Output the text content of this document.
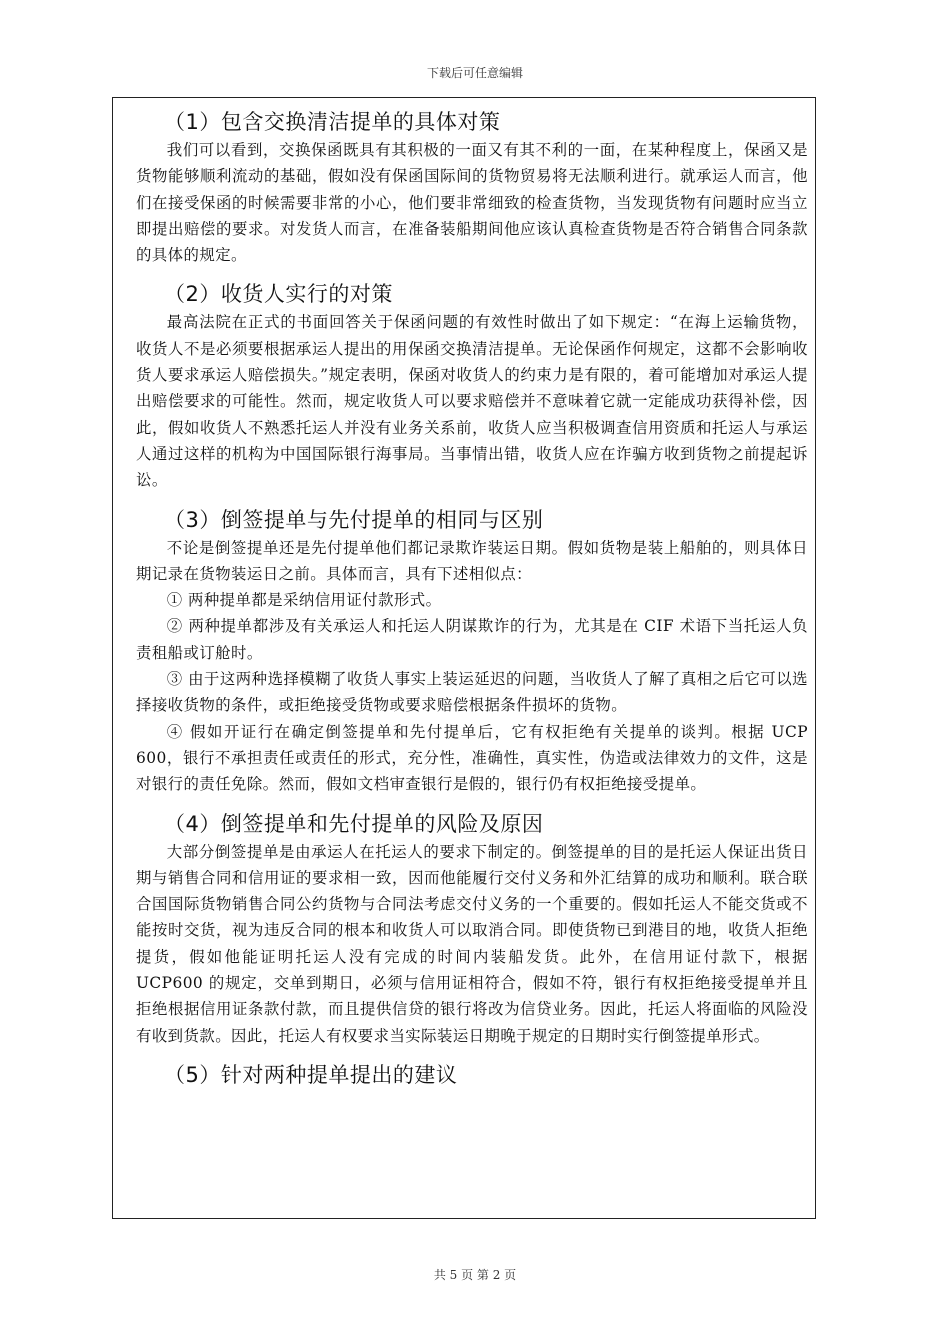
下载后可任意编辑
（1）包含交换清洁提单的具体对策

我们可以看到，交换保函既具有其积极的一面又有其不利的一面，在某种程度上，保函又是货物能够顺利流动的基础，假如没有保函国际间的货物贸易将无法顺利进行。就承运人而言，他们在接受保函的时候需要非常的小心，他们要非常细致的检查货物，当发现货物有问题时应当立即提出赔偿的要求。对发货人而言，在准备装船期间他应该认真检查货物是否符合销售合同条款的具体的规定。

（2）收货人实行的对策

最高法院在正式的书面回答关于保函问题的有效性时做出了如下规定：“在海上运输货物，收货人不是必须要根据承运人提出的用保函交换清洁提单。无论保函作何规定，这都不会影响收货人要求承运人赔偿损失。”规定表明，保函对收货人的约束力是有限的，着可能增加对承运人提出赔偿要求的可能性。然而，规定收货人可以要求赔偿并不意味着它就一定能成功获得补偿，因此，假如收货人不熟悉托运人并没有业务关系前，收货人应当积极调查信用资质和托运人与承运人通过这样的机构为中国国际银行海事局。当事情出错，收货人应在诈骗方收到货物之前提起诉讼。

（3）倒签提单与先付提单的相同与区别

不论是倒签提单还是先付提单他们都记录欺诈装运日期。假如货物是装上船舶的，则具体日期记录在货物装运日之前。具体而言，具有下述相似点：

① 两种提单都是采纳信用证付款形式。

② 两种提单都涉及有关承运人和托运人阴谋欺诈的行为，尤其是在 CIF 术语下当托运人负责租船或订舱时。

③ 由于这两种选择模糊了收货人事实上装运延迟的问题，当收货人了解了真相之后它可以选择接收货物的条件，或拒绝接受货物或要求赔偿根据条件损坏的货物。

④ 假如开证行在确定倒签提单和先付提单后，它有权拒绝有关提单的谈判。根据 UCP 600，银行不承担责任或责任的形式，充分性，准确性，真实性，伪造或法律效力的文件，这是对银行的责任免除。然而，假如文档审查银行是假的，银行仍有权拒绝接受提单。

（4）倒签提单和先付提单的风险及原因

大部分倒签提单是由承运人在托运人的要求下制定的。倒签提单的目的是托运人保证出货日期与销售合同和信用证的要求相一致，因而他能履行交付义务和外汇结算的成功和顺利。联合联合国国际货物销售合同公约货物与合同法考虑交付义务的一个重要的。假如托运人不能交货或不能按时交货，视为违反合同的根本和收货人可以取消合同。即使货物已到港目的地，收货人拒绝提货，假如他能证明托运人没有完成的时间内装船发货。此外，在信用证付款下，根据 UCP600 的规定，交单到期日，必须与信用证相符合，假如不符，银行有权拒绝接受提单并且拒绝根据信用证条款付款，而且提供信贷的银行将改为信贷业务。因此，托运人将面临的风险没有收到货款。因此，托运人有权要求当实际装运日期晚于规定的日期时实行倒签提单形式。

（5）针对两种提单提出的建议
共 5 页 第 2 页
